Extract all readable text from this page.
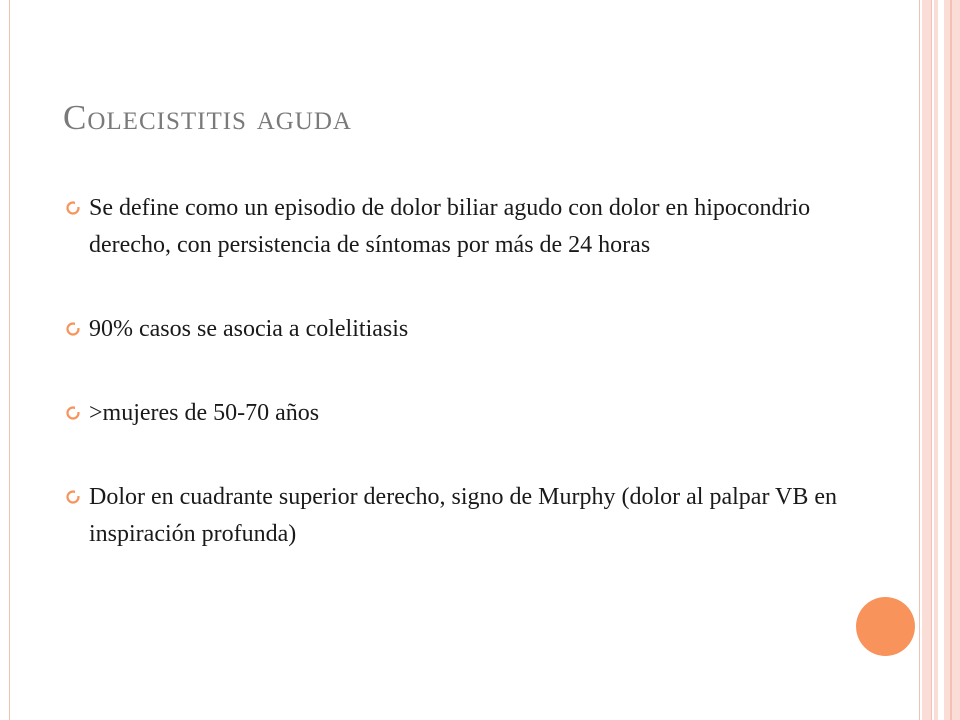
Colecistitis aguda
Se define como un episodio de dolor biliar agudo con dolor en hipocondrio derecho, con persistencia de síntomas por más de 24 horas
90% casos se asocia a colelitiasis
>mujeres de 50-70 años
Dolor en cuadrante superior derecho, signo de Murphy (dolor al palpar VB en inspiración profunda)
